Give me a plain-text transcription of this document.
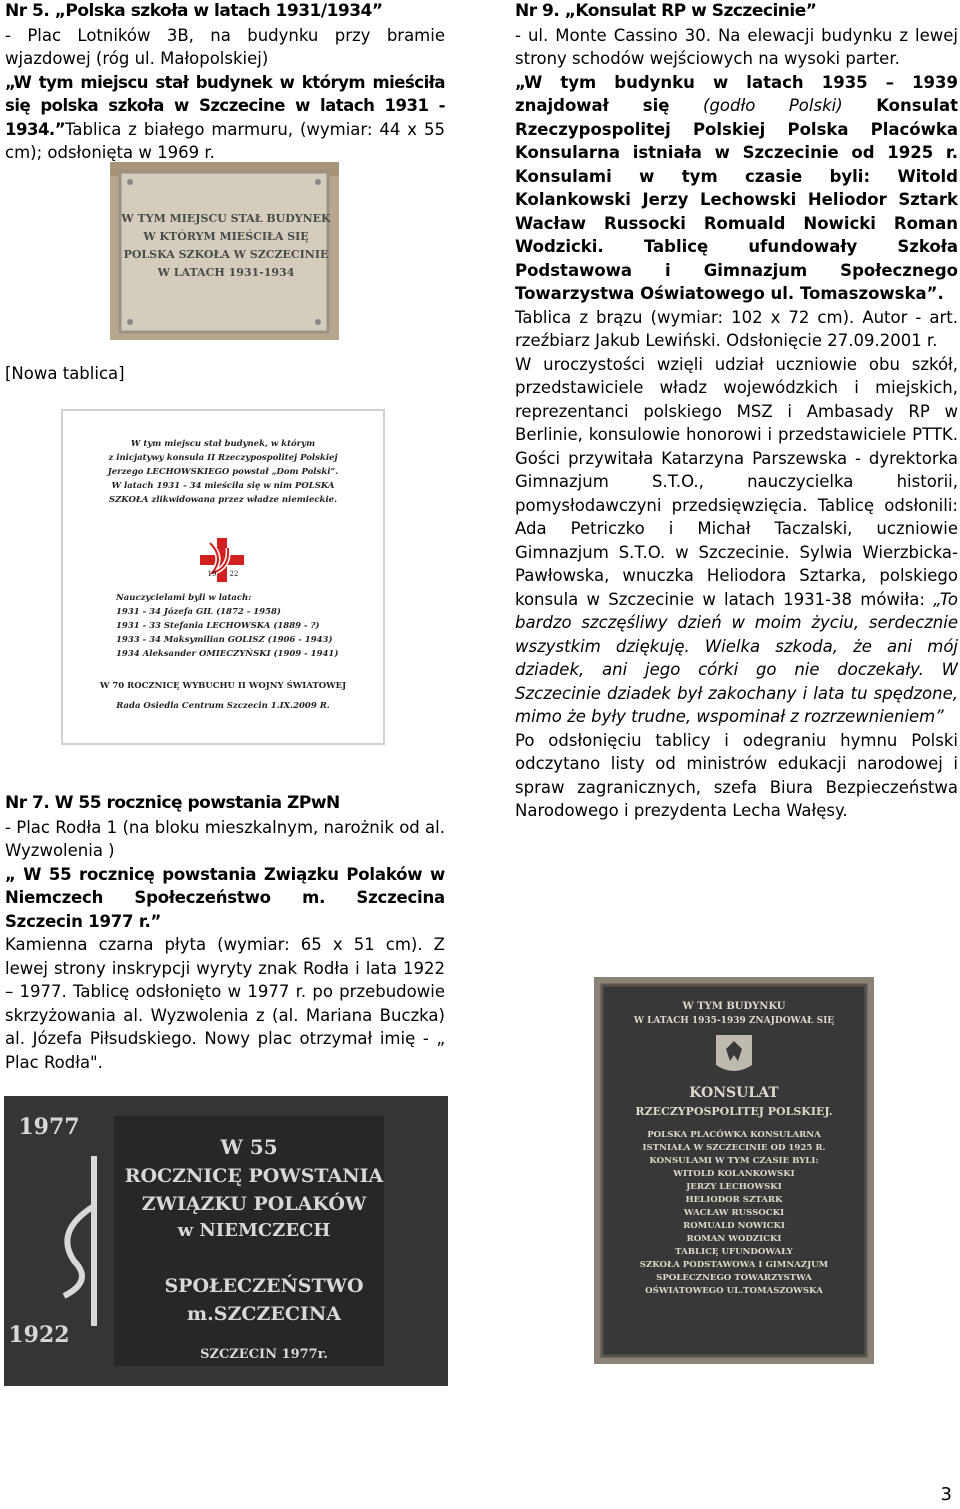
Nr 5. „Polska szkoła w latach 1931/1934”

- Plac Lotników 3B, na budynku przy bramie wjazdowej (róg ul. Małopolskiej)

„W tym miejscu stał budynek w którym mieściła się polska szkoła w Szczecine w latach 1931 - 1934.”Tablica z białego marmuru, (wymiar: 44 x 55 cm); odsłonięta w 1969 r.

W TYM MIEJSCU STAŁ BUDYNEK
W KTÓRYM MIEŚCIŁA SIĘ
POLSKA SZKOŁA W SZCZECINIE
W LATACH 1931-1934

[Nowa tablica]

W tym miejscu stał budynek, w którym
z inicjatywy konsula II Rzeczypospolitej Polskiej
Jerzego LECHOWSKIEGO powstał „Dom Polski”.
W latach 1931 - 34 mieściła się w nim POLSKA
SZKOŁA zlikwidowana przez władze niemieckie.
19 22
Nauczycielami byli w latach:
1931 - 34 Józefa GIL (1872 - 1958)
1931 - 33 Stefania LECHOWSKA (1889 - ?)
1933 - 34 Maksymilian GOLISZ (1906 - 1943)
1934 Aleksander OMIECZYŃSKI (1909 - 1941)
W 70 ROCZNICĘ WYBUCHU II WOJNY ŚWIATOWEJ
Rada Osiedla Centrum Szczecin 1.IX.2009 R.

Nr 7. W 55 rocznicę powstania ZPwN

- Plac Rodła 1 (na bloku mieszkalnym, narożnik od al. Wyzwolenia )

„ W 55 rocznicę powstania Związku Polaków w Niemczech Społeczeństwo m. Szczecina Szczecin 1977 r.”

Kamienna czarna płyta (wymiar: 65 x 51 cm). Z lewej strony inskrypcji wyryty znak Rodła i lata 1922 – 1977. Tablicę odsłonięto w 1977 r. po przebudowie skrzyżowania al. Wyzwolenia z (al. Mariana Buczka) al. Józefa Piłsudskiego. Nowy plac otrzymał imię - „ Plac Rodła".

W 55
ROCZNICĘ POWSTANIA
ZWIĄZKU POLAKÓW
w NIEMCZECH
SPOŁECZEŃSTWO
m.SZCZECINA
SZCZECIN 1977r.
1977
1922

Nr 9. „Konsulat RP w Szczecinie”

- ul. Monte Cassino 30. Na elewacji budynku z lewej strony schodów wejściowych na wysoki parter.

„W tym budynku w latach 1935 – 1939 znajdował się (godło Polski) Konsulat Rzeczypospolitej Polskiej Polska Placówka Konsularna istniała w Szczecinie od 1925 r. Konsulami w tym czasie byli: Witold Kolankowski Jerzy Lechowski Heliodor Sztark Wacław Russocki Romuald Nowicki Roman Wodzicki. Tablicę ufundowały Szkoła Podstawowa i Gimnazjum Społecznego Towarzystwa Oświatowego ul. Tomaszowska”.

Tablica z brązu (wymiar: 102 x 72 cm). Autor - art. rzeźbiarz Jakub Lewiński. Odsłonięcie 27.09.2001 r.

W uroczystości wzięli udział uczniowie obu szkół, przedstawiciele władz wojewódzkich i miejskich, reprezentanci polskiego MSZ i Ambasady RP w Berlinie, konsulowie honorowi i przedstawiciele PTTK. Gości przywitała Katarzyna Parszewska - dyrektorka Gimnazjum S.T.O., nauczycielka historii, pomysłodawczyni przedsięwzięcia. Tablicę odsłonili: Ada Petriczko i Michał Taczalski, uczniowie Gimnazjum S.T.O. w Szczecinie. Sylwia Wierzbicka-Pawłowska, wnuczka Heliodora Sztarka, polskiego konsula w Szczecinie w latach 1931-38 mówiła: „To bardzo szczęśliwy dzień w moim życiu, serdecznie wszystkim dziękuję. Wielka szkoda, że ani mój dziadek, ani jego córki go nie doczekały. W Szczecinie dziadek był zakochany i lata tu spędzone, mimo że były trudne, wspominał z rozrzewnieniem”

Po odsłonięciu tablicy i odegraniu hymnu Polski odczytano listy od ministrów edukacji narodowej i spraw zagranicznych, szefa Biura Bezpieczeństwa Narodowego i prezydenta Lecha Wałęsy.

W TYM BUDYNKU
W LATACH 1935-1939 ZNAJDOWAŁ SIĘ
KONSULAT
RZECZYPOSPOLITEJ POLSKIEJ.
POLSKA PLACÓWKA KONSULARNA
ISTNIAŁA W SZCZECINIE OD 1925 R.
KONSULAMI W TYM CZASIE BYLI:
WITOLD KOLANKOWSKI
JERZY LECHOWSKI
HELIODOR SZTARK
WACŁAW RUSSOCKI
ROMUALD NOWICKI
ROMAN WODZICKI
TABLICĘ UFUNDOWAŁY
SZKOŁA PODSTAWOWA I GIMNAZJUM
SPOŁECZNEGO TOWARZYSTWA
OŚWIATOWEGO UL.TOMASZOWSKA
3
